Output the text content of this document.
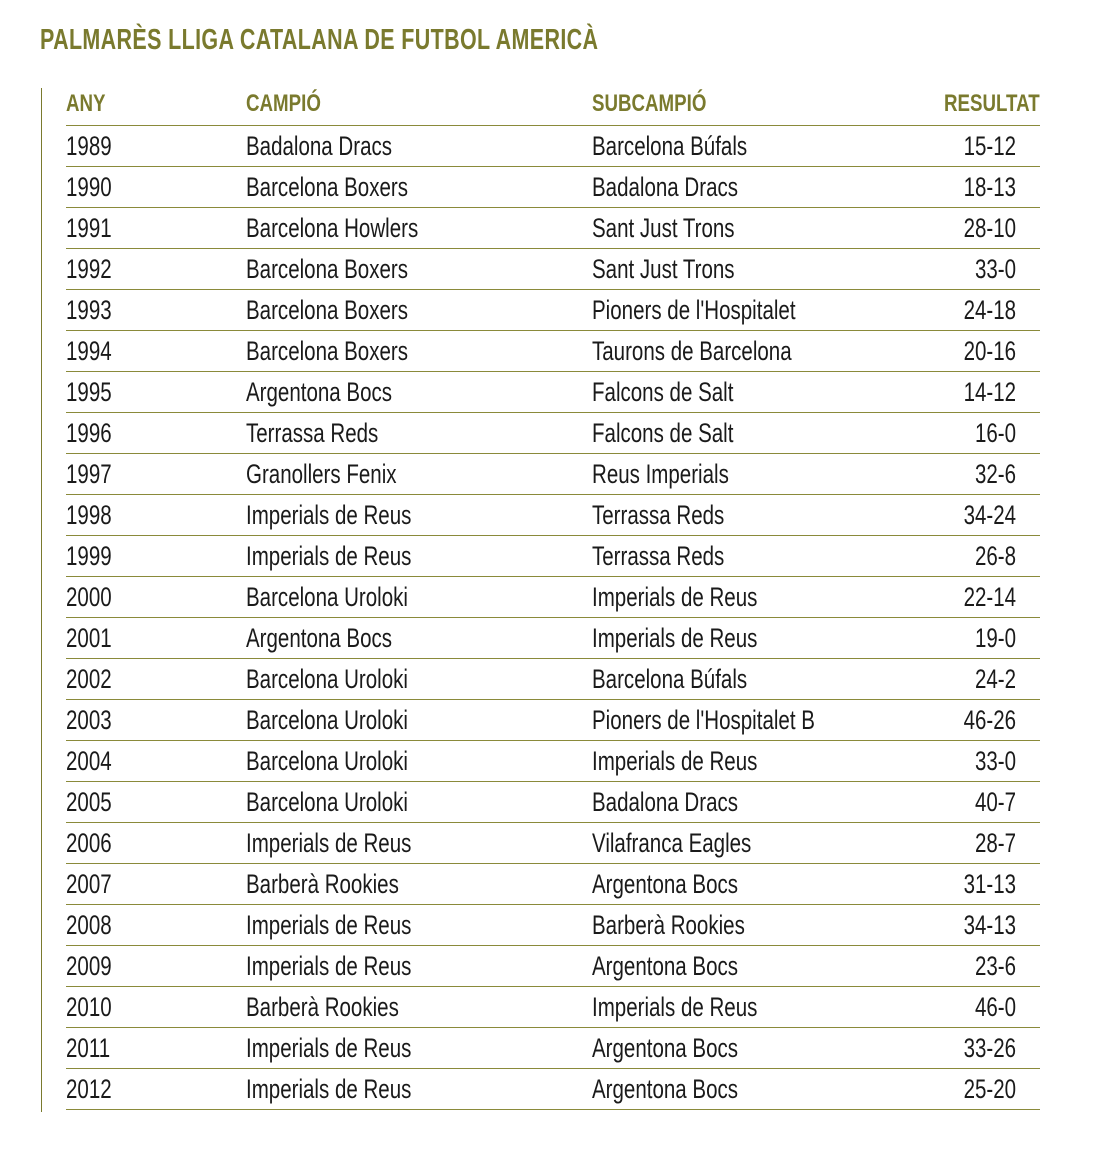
PALMARÈS LLIGA CATALANA DE FUTBOL AMERICÀ
ANY	CAMPIÓ	SUBCAMPIÓ	RESULTAT
1989	Badalona Dracs	Barcelona Búfals	15-12
1990	Barcelona Boxers	Badalona Dracs	18-13
1991	Barcelona Howlers	Sant Just Trons	28-10
1992	Barcelona Boxers	Sant Just Trons	33-0
1993	Barcelona Boxers	Pioners de l'Hospitalet	24-18
1994	Barcelona Boxers	Taurons de Barcelona	20-16
1995	Argentona Bocs	Falcons de Salt	14-12
1996	Terrassa Reds	Falcons de Salt	16-0
1997	Granollers Fenix	Reus Imperials	32-6
1998	Imperials de Reus	Terrassa Reds	34-24
1999	Imperials de Reus	Terrassa Reds	26-8
2000	Barcelona Uroloki	Imperials de Reus	22-14
2001	Argentona Bocs	Imperials de Reus	19-0
2002	Barcelona Uroloki	Barcelona Búfals	24-2
2003	Barcelona Uroloki	Pioners de l'Hospitalet B	46-26
2004	Barcelona Uroloki	Imperials de Reus	33-0
2005	Barcelona Uroloki	Badalona Dracs	40-7
2006	Imperials de Reus	Vilafranca Eagles	28-7
2007	Barberà Rookies	Argentona Bocs	31-13
2008	Imperials de Reus	Barberà Rookies	34-13
2009	Imperials de Reus	Argentona Bocs	23-6
2010	Barberà Rookies	Imperials de Reus	46-0
2011	Imperials de Reus	Argentona Bocs	33-26
2012	Imperials de Reus	Argentona Bocs	25-20
